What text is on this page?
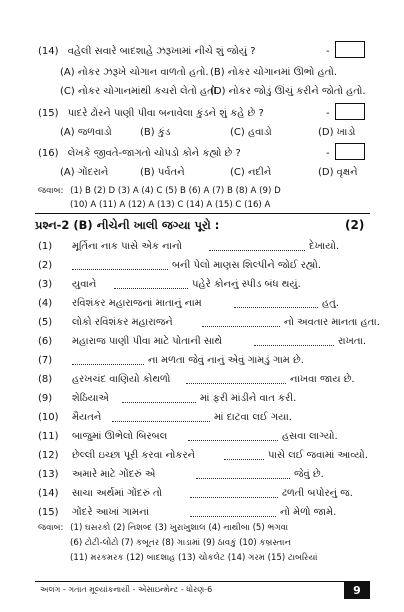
(14) વહેલી સવારે બાદશાહે ઝરૂખામાં નીચે શું જોયું ?	-
(A) નોકર ઝરૂખે ચોગાન વાળતો હતો. (B) નોકર ચોગાનમાં ઊભો હતો.
(C) નોકર ચોગાનમાંથી કચરો લેતો હતો.
(D) નોકર જોડું ઊંચું કરીને જોતો હતો.
(15) પાદરે ઢોરને પાણી પીવા બનાવેલા કુંડને શું કહે છે ?	-
(A) જળવાડો	(B) કુંડ	(C) હવાડો	(D) ખાડો
(16) લેખકે જીવતે-જાગતો ચોપડો કોને કહ્યો છે ?	-
(A) ગોંદરાને	(B) પર્વતને	(C) નદીને	(D) વૃક્ષને
જવાબ: (1) B (2) D (3) A (4) C (5) B (6) A (7) B (8) A (9) D
(10) A (11) A (12) A (13) C (14) A (15) C (16) A
પ્રશ્ન-2 (B) નીચેની ખાલી જગ્યા પૂરો :	(2)
(1) મૂર્તિના નાક પાસે એક નાનો	દેખાયો.
(2)	બની પેલો માણસ શિલ્પીને જોઈ રહ્યો.
(3) યુવાને	પહેરે કોનનું સ્પીડ બંધ થયું.
(4) રવિશંકર મહારાજનાં માતાનું નામ	હતું.
(5) લોકો રવિશંકર મહારાજને	નો અવતાર માનતા હતા.
(6) મહારાજ પાણી પીવા માટે પોતાની સાથે	રાખતા.
(7)	ના મળતા જેવું નાનું એવું ગામડું ગામ છે.
(8) હરખચંદ વાણિયો કોથળો	નાખવા જાય છે.
(9) શેઠિયાએ	માં ફરી માંડીને વાત કરી.
(10) મૈયતને	માં દાટવા લઈ ગયા.
(11) બાજુમાં ઊભેલો બિરબલ	હસવા લાગ્યો.
(12) છેલ્લી ઇચ્છા પૂરી કરવા નોકરને	પાસે લઈ જવામાં આવ્યો.
(13) અમારે માટે ગોંદરું એ	જેવું છે.
(14) સાચા અર્થમાં ગોંદરું તો	ઢળતી બપોરનું જ.
(15) ગોંદરે આખાં ગામનાં	નો મેળો જામે.
જવાબ: (1) ઘસરકો (2) નિશબ્દ (3) ખુરાખુશાલ (4) નાથીબા (5) ભગવા
(6) ટોટી-લોટો (7) કબૂતર (8) ગાડામાં (9) ઠાવકું (10) કબ્રસ્તાન
(11) મરકમરક (12) બાદશાહ (13) ચોકલેટ (14) ગરમ (15) ટાબરિયાં
અલગ - ગતાત મૂલ્યાંકનાયી - એસાઇન્મેન્ટ - ધોરણ-6	9
